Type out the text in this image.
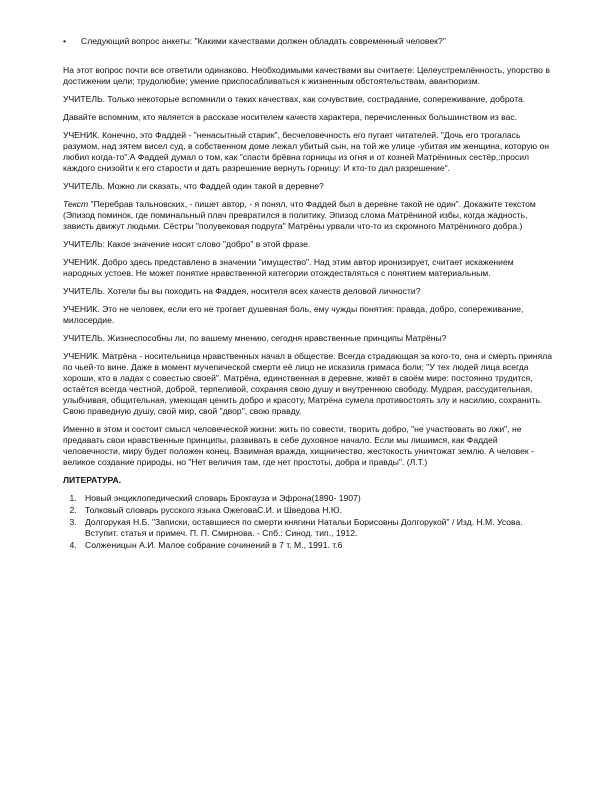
• Следующий вопрос анкеты: "Какими качествами должен обладать современный человек?"

На этот вопрос почти все ответили одинаково. Необходимыми качествами вы считаете: Целеустремлённость, упорство в достижении цели; трудолюбие; умение приспосабливаться к жизненным обстоятельствам, авантюризм.

УЧИТЕЛЬ. Только некоторые вспомнили о таких качествах, как сочувствие, сострадание, сопереживание, доброта.

Давайте вспомним, кто является в рассказе носителем качеств характера, перечисленных большинством из вас.

УЧЕНИК. Конечно, это Фаддей - "ненасытный старик", бесчеловечность его пугает читателей. "Дочь его трогалась разумом, над зятем висел суд, в собственном доме лежал убитый сын, на той же улице -убитая им женщина, которую он любил когда-то".А Фаддей думал о том, как "спасти брёвна горницы из огня и от козней Матрёниных сестёр,:просил каждого снизойти к его старости и дать разрешение вернуть горницу: И кто-то дал разрешение".

УЧИТЕЛЬ. Можно ли сказать, что Фаддей один такой в деревне?

Текст "Перебрав тальновских, - пишет автор, - я понял, что Фаддей был в деревне такой не один". Докажите текстом (Эпизод поминок, где поминальный плач превратился в политику. Эпизод слома Матрёниной избы, когда жадность, зависть движут людьми. Сёстры "полувековая подруга" Матрёны урвали что-то из скромного Матрёниного добра.)

УЧИТЕЛЬ: Какое значение носит слово "добро" в этой фразе.

УЧЕНИК. Добро здесь представлено в значении "имущество". Над этим автор иронизирует, считает искажением народных устоев. Не может понятие нравственной категории отождествляться с понятием материальным.

УЧИТЕЛЬ. Хотели бы вы походить на Фаддея, носителя всех качеств деловой личности?

УЧЕНИК. Это не человек, если его не трогает душевная боль, ему чужды понятия: правда, добро, сопереживание, милосердие.

УЧИТЕЛЬ. Жизнеспособны ли, по вашему мнению, сегодня нравственные принципы Матрёны?

УЧЕНИК. Матрёна - носительница нравственных начал в обществе. Всегда страдающая за кого-то, она и смерть приняла по чьей-то вине. Даже в момент мучenической смерти её лицо не исказила гримаса боли: "У тех людей лица всегда хороши, кто в ладах с совестью своей". Матрёна, единственная в деревне, живёт в своём мире: постоянно трудится, остаётся всегда честной, доброй, терпеливой, сохраняя свою душу и внутреннюю свободу. Мудрая, рассудительная, улыбчивая, общительная, умеющая ценить добро и красоту, Матрёна сумела противостоять злу и насилию, сохранить. Свою праведную душу, свой мир, свой "двор", свою правду.

Именно в этом и состоит смысл человеческой жизни: жить по совести, творить добро, "не участвовать во лжи", не предавать свои нравственные принципы, развивать в себе духовное начало. Если мы лишимся, как Фаддей человечности, миру будет положен конец. Взаимная вражда, хищничество, жестокость уничтожат землю. А человек - великое создание природы, но "Нет величия там, где нет простоты, добра и правды". (Л.Т.)

ЛИТЕРАТУРА.

1. Новый энциклопедический словарь Брокгауза и Эфрона(1890- 1907)
2. Толковый словарь русского языка ОжеговаС.И. и Шведова Н.Ю.
3. Долгорукая Н.Б. "Записки, оставшиеся по смерти княгини Натальи Борисовны Долгорукой" / Изд. Н.М. Усова. Вступит. статья и примеч. П. П. Смирнова. - Спб.: Синод. тип., 1912.
4. Солженицын А.И. Малое собрание сочинений в 7 т. М., 1991. т.6
